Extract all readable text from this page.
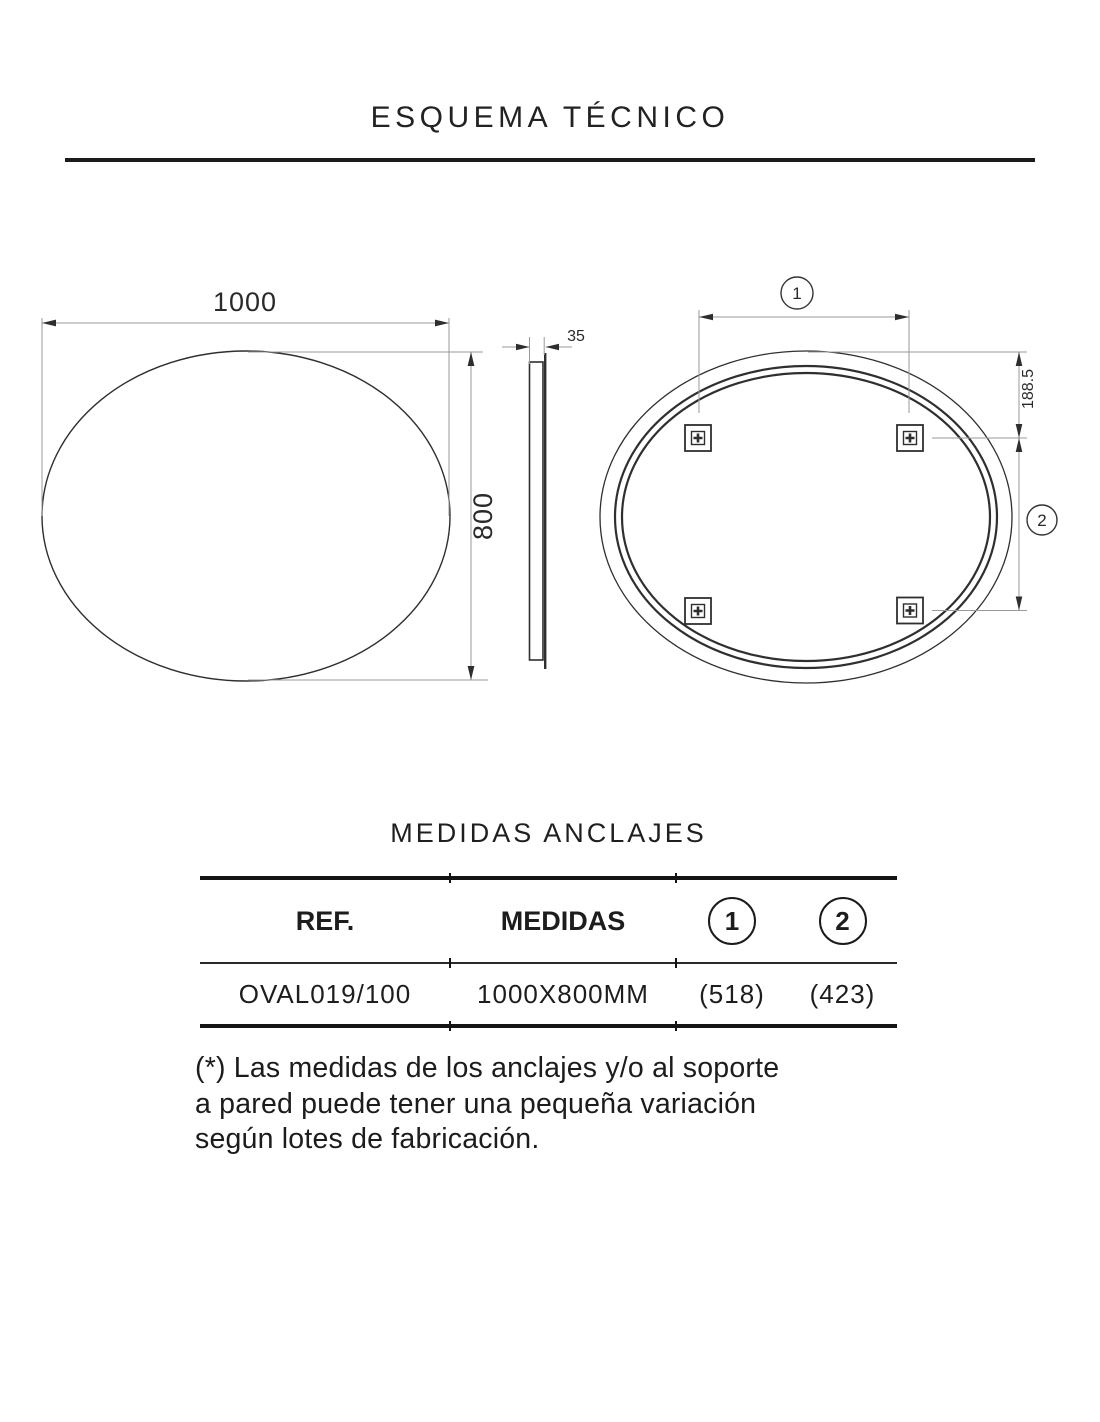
ESQUEMA TÉCNICO
1000
800
35
1
188.5
2
MEDIDAS ANCLAJES
REF.	MEDIDAS	1	2
OVAL019/100	1000X800MM	(518)	(423)
(*) Las medidas de los anclajes y/o al soporte
a pared puede tener una pequeña variación
según lotes de fabricación.
